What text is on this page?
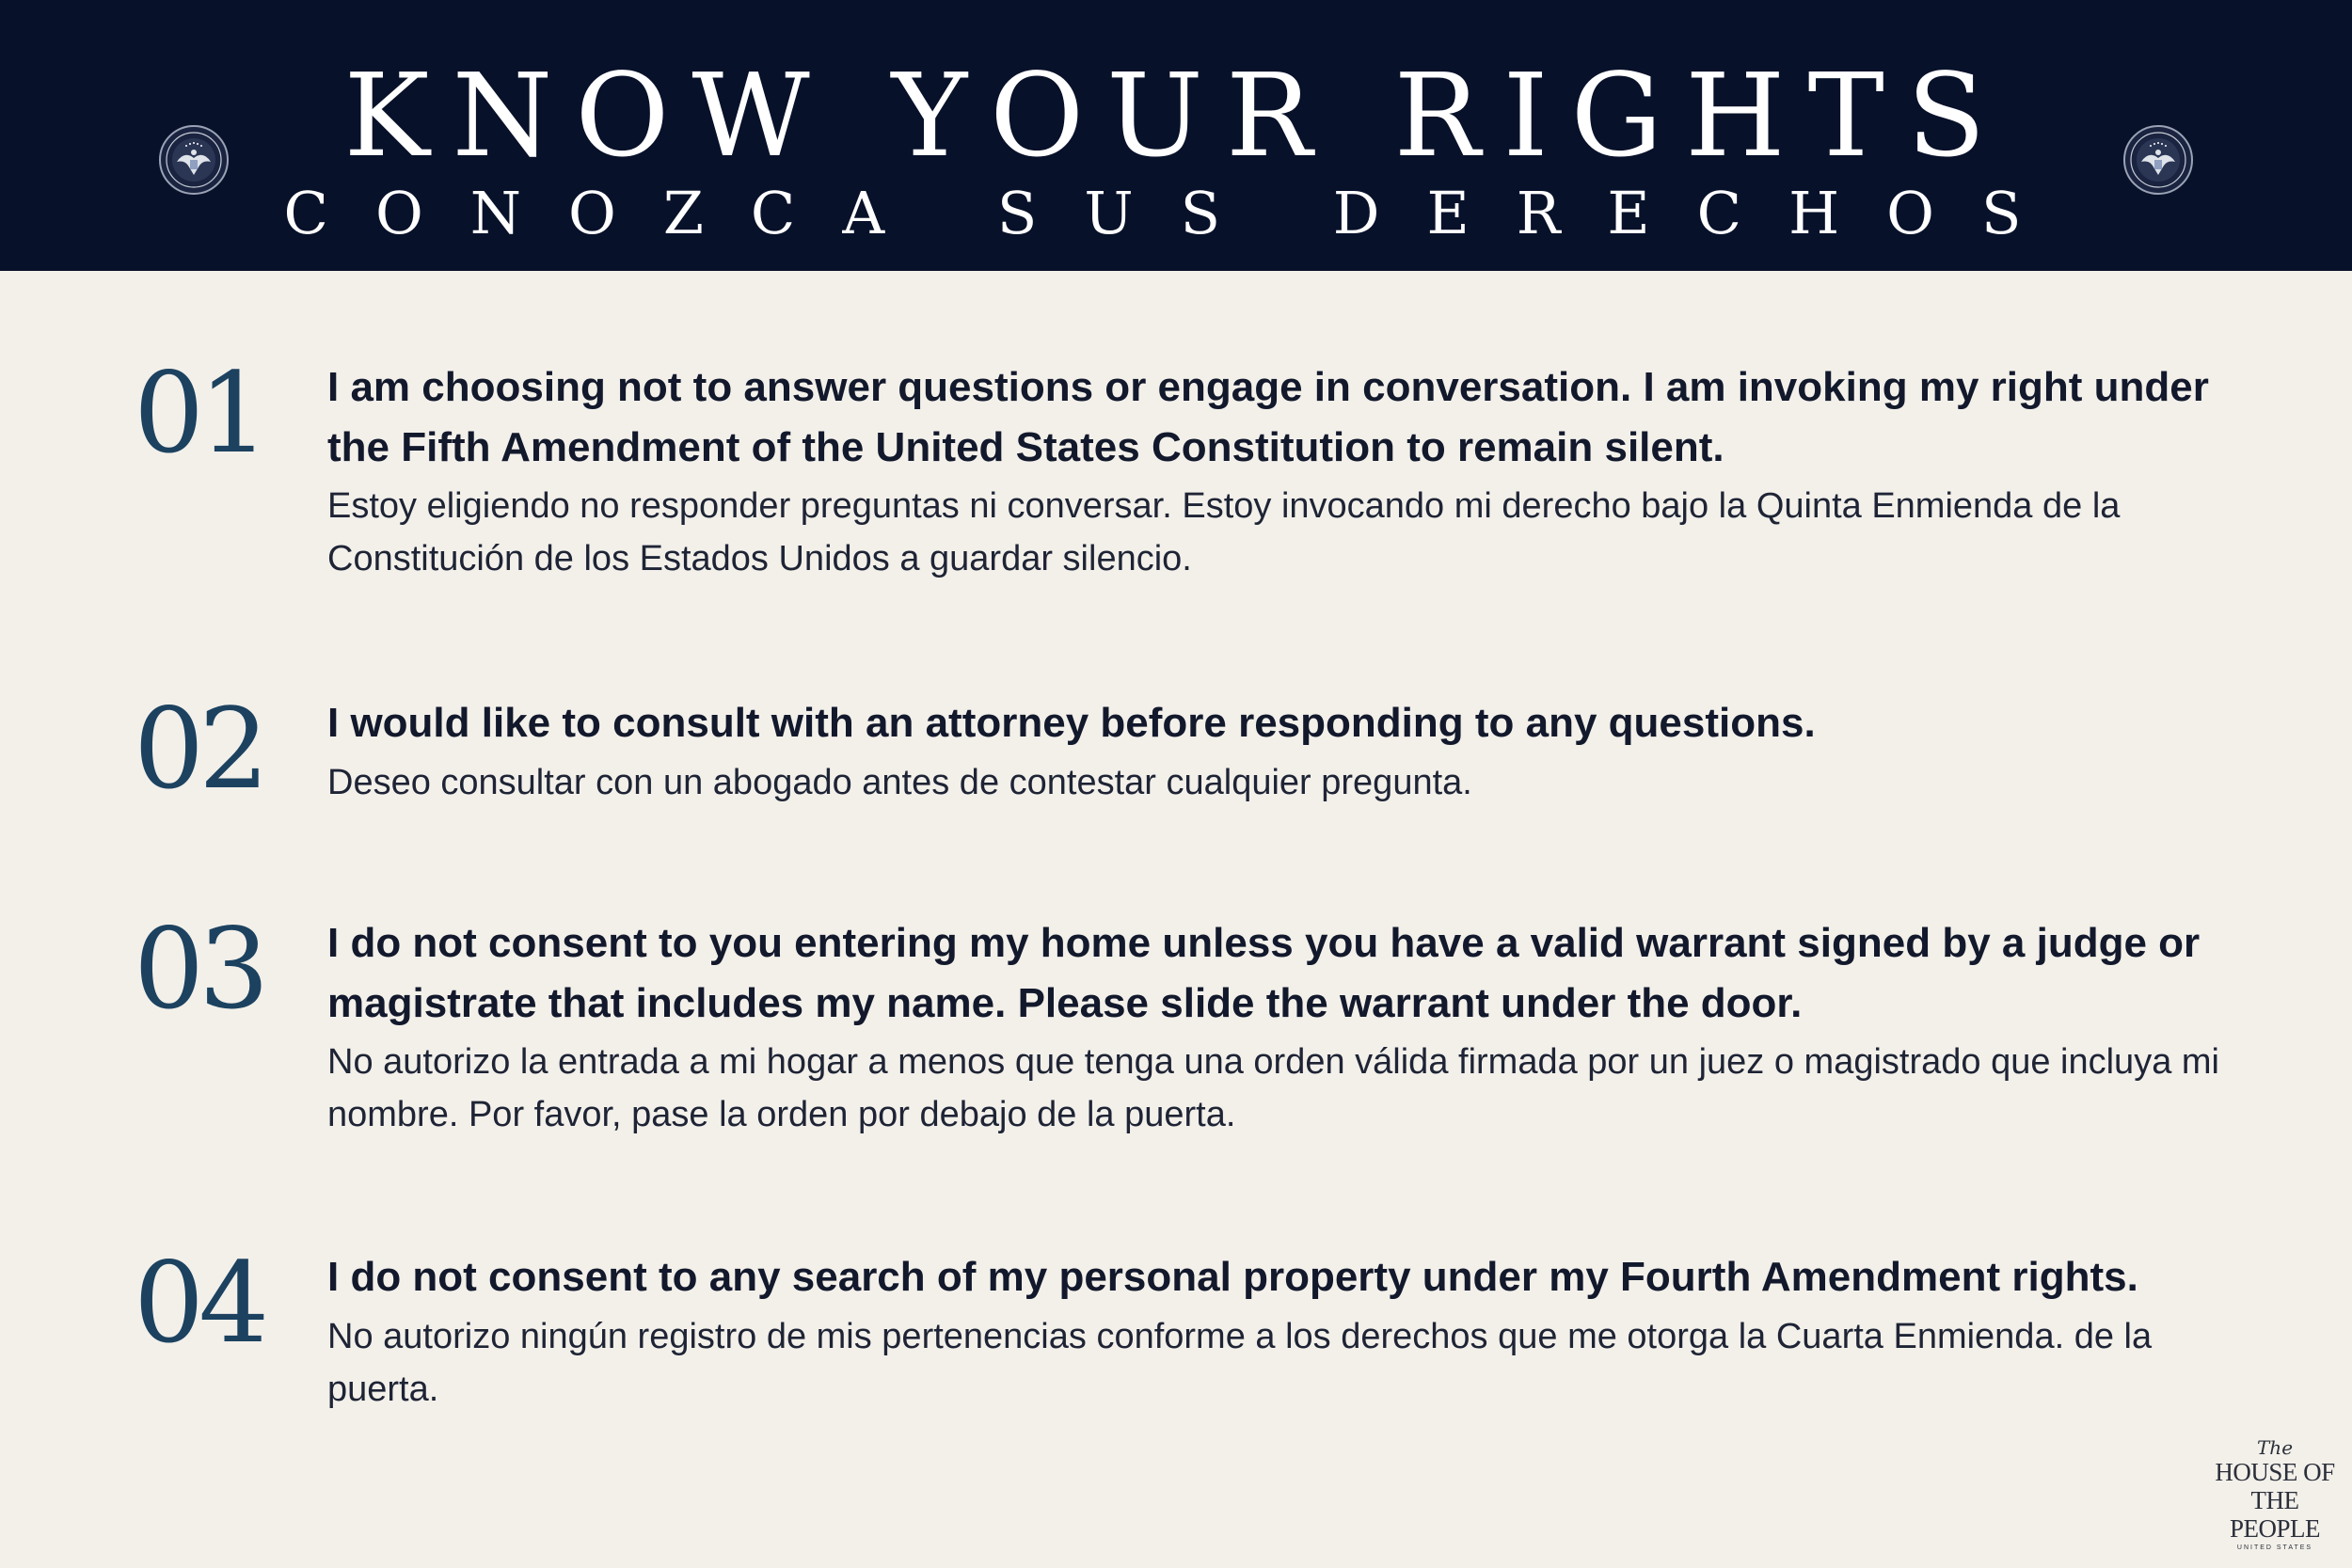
KNOW YOUR RIGHTS
CONOZCA SUS DERECHOS
01 I am choosing not to answer questions or engage in conversation. I am invoking my right under the Fifth Amendment of the United States Constitution to remain silent.

Estoy eligiendo no responder preguntas ni conversar. Estoy invocando mi derecho bajo la Quinta Enmienda de la Constitución de los Estados Unidos a guardar silencio.

02 I would like to consult with an attorney before responding to any questions.

Deseo consultar con un abogado antes de contestar cualquier pregunta.

03 I do not consent to you entering my home unless you have a valid warrant signed by a judge or magistrate that includes my name. Please slide the warrant under the door.

No autorizo la entrada a mi hogar a menos que tenga una orden válida firmada por un juez o magistrado que incluya mi nombre. Por favor, pase la orden por debajo de la puerta.

04 I do not consent to any search of my personal property under my Fourth Amendment rights.

No autorizo ningún registro de mis pertenencias conforme a los derechos que me otorga la Cuarta Enmienda. de la puerta.

The
HOUSE OF
THE PEOPLE
UNITED STATES
